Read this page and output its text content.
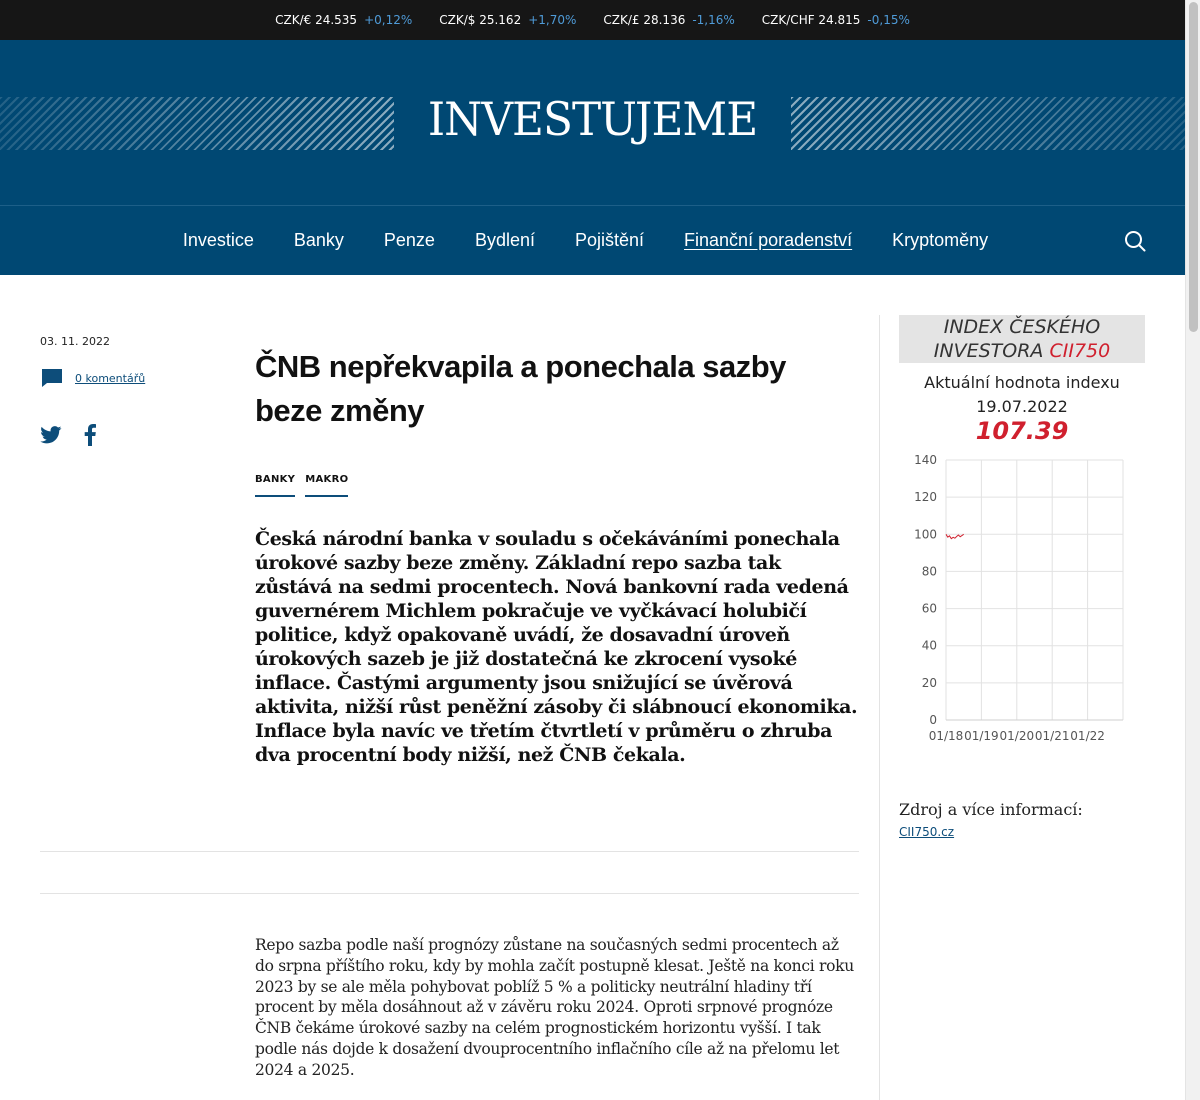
CZK/€ 24.535 +0,12% CZK/$ 25.162 +1,70% CZK/£ 28.136 -1,16% CZK/CHF 24.815 -0,15%
INVESTUJEME
Investice Banky Penze Bydlení Pojištění Finanční poradenství Kryptoměny
03. 11. 2022
0 komentářů	ČNB nepřekvapila a ponechala sazby beze změny
BANKY MAKRO

Česká národní banka v souladu s očekáváními ponechala úrokové sazby beze změny. Základní repo sazba tak zůstává na sedmi procentech. Nová bankovní rada vedená guvernérem Michlem pokračuje ve vyčkávací holubičí politice, když opakovaně uvádí, že dosavadní úroveň úrokových sazeb je již dostatečná ke zkrocení vysoké inflace. Častými argumenty jsou snižující se úvěrová aktivita, nižší růst peněžní zásoby či slábnoucí ekonomika. Inflace byla navíc ve třetím čtvrtletí v průměru o zhruba dva procentní body nižší, než ČNB čekala.

Repo sazba podle naší prognózy zůstane na současných sedmi procentech až do srpna příštího roku, kdy by mohla začít postupně klesat. Ještě na konci roku 2023 by se ale měla pohybovat poblíž 5 % a politicky neutrální hladiny tří procent by měla dosáhnout až v závěru roku 2024. Oproti srpnové prognóze ČNB čekáme úrokové sazby na celém prognostickém horizontu vyšší. I tak podle nás dojde k dosažení dvouprocentního inflačního cíle až na přelomu let 2024 a 2025.

INDEX ČESKÉHO INVESTORA CII750
Aktuální hodnota indexu
19.07.2022
107.39
0
20
40
60
80
100
120
140
01/18 01/19 01/20 01/21 01/22
Zdroj a více informací:
CII750.cz
